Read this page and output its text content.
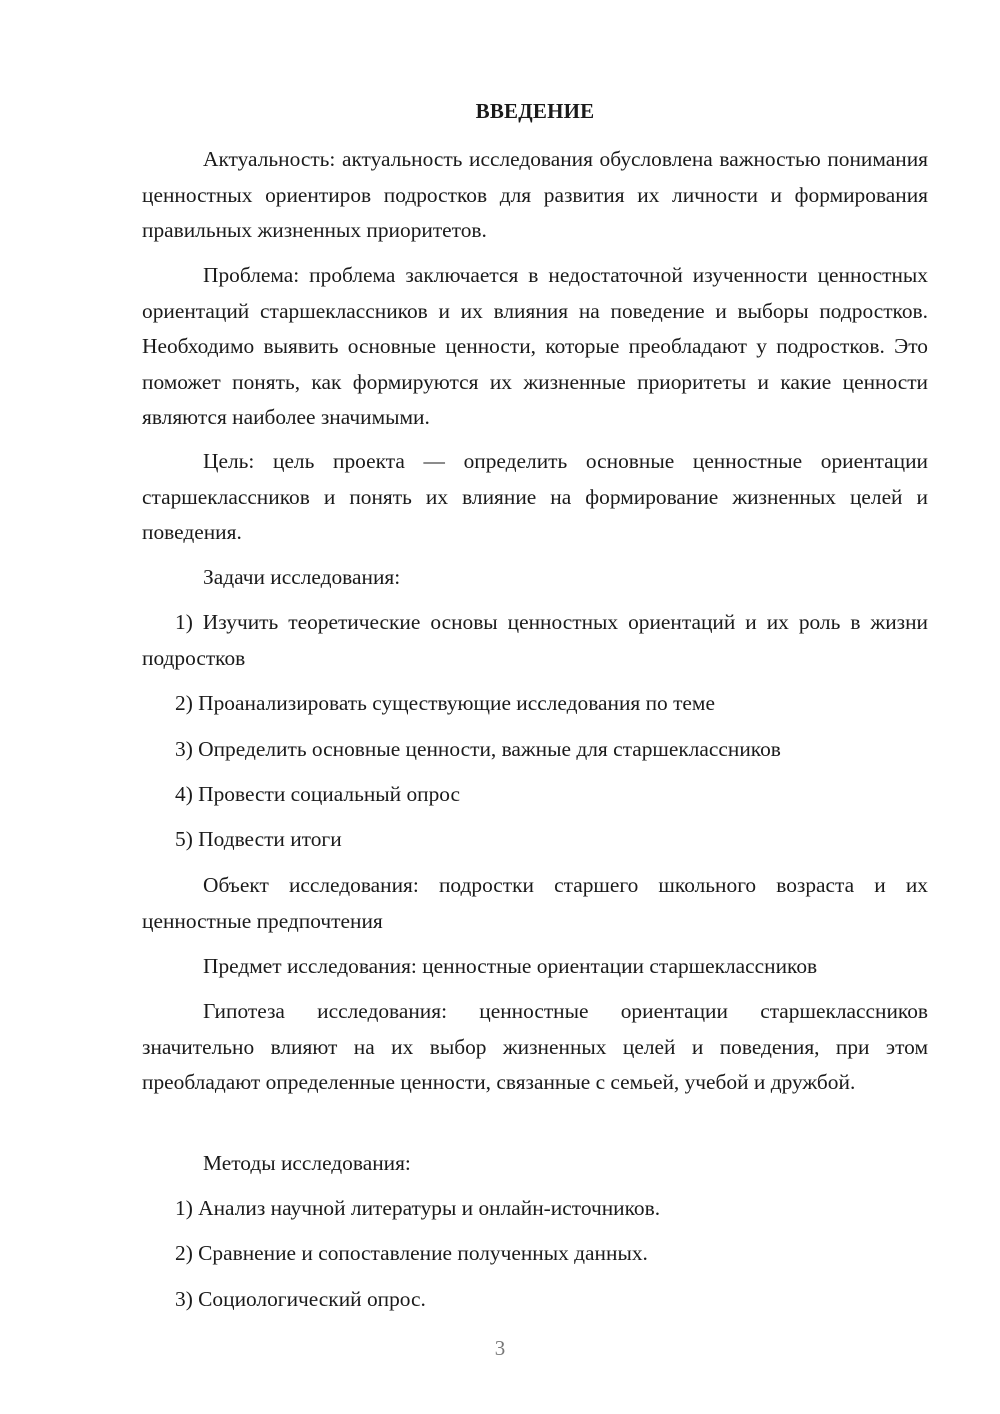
ВВЕДЕНИЕ

Актуальность: актуальность исследования обусловлена важностью понимания ценностных ориентиров подростков для развития их личности и формирования правильных жизненных приоритетов.

Проблема: проблема заключается в недостаточной изученности ценностных ориентаций старшеклассников и их влияния на поведение и выборы подростков. Необходимо выявить основные ценности, которые преобладают у подростков. Это поможет понять, как формируются их жизненные приоритеты и какие ценности являются наиболее значимыми.

Цель: цель проекта — определить основные ценностные ориентации старшеклассников и понять их влияние на формирование жизненных целей и поведения.

Задачи исследования:

1) Изучить теоретические основы ценностных ориентаций и их роль в жизни подростков

2) Проанализировать существующие исследования по теме

3) Определить основные ценности, важные для старшеклассников

4) Провести социальный опрос

5) Подвести итоги

Объект исследования: подростки старшего школьного возраста и их ценностные предпочтения

Предмет исследования: ценностные ориентации старшеклассников

Гипотеза исследования: ценностные ориентации старшеклассников значительно влияют на их выбор жизненных целей и поведения, при этом преобладают определенные ценности, связанные с семьей, учебой и дружбой.

Методы исследования:

1) Анализ научной литературы и онлайн-источников.

2) Сравнение и сопоставление полученных данных.

3) Социологический опрос.

3
